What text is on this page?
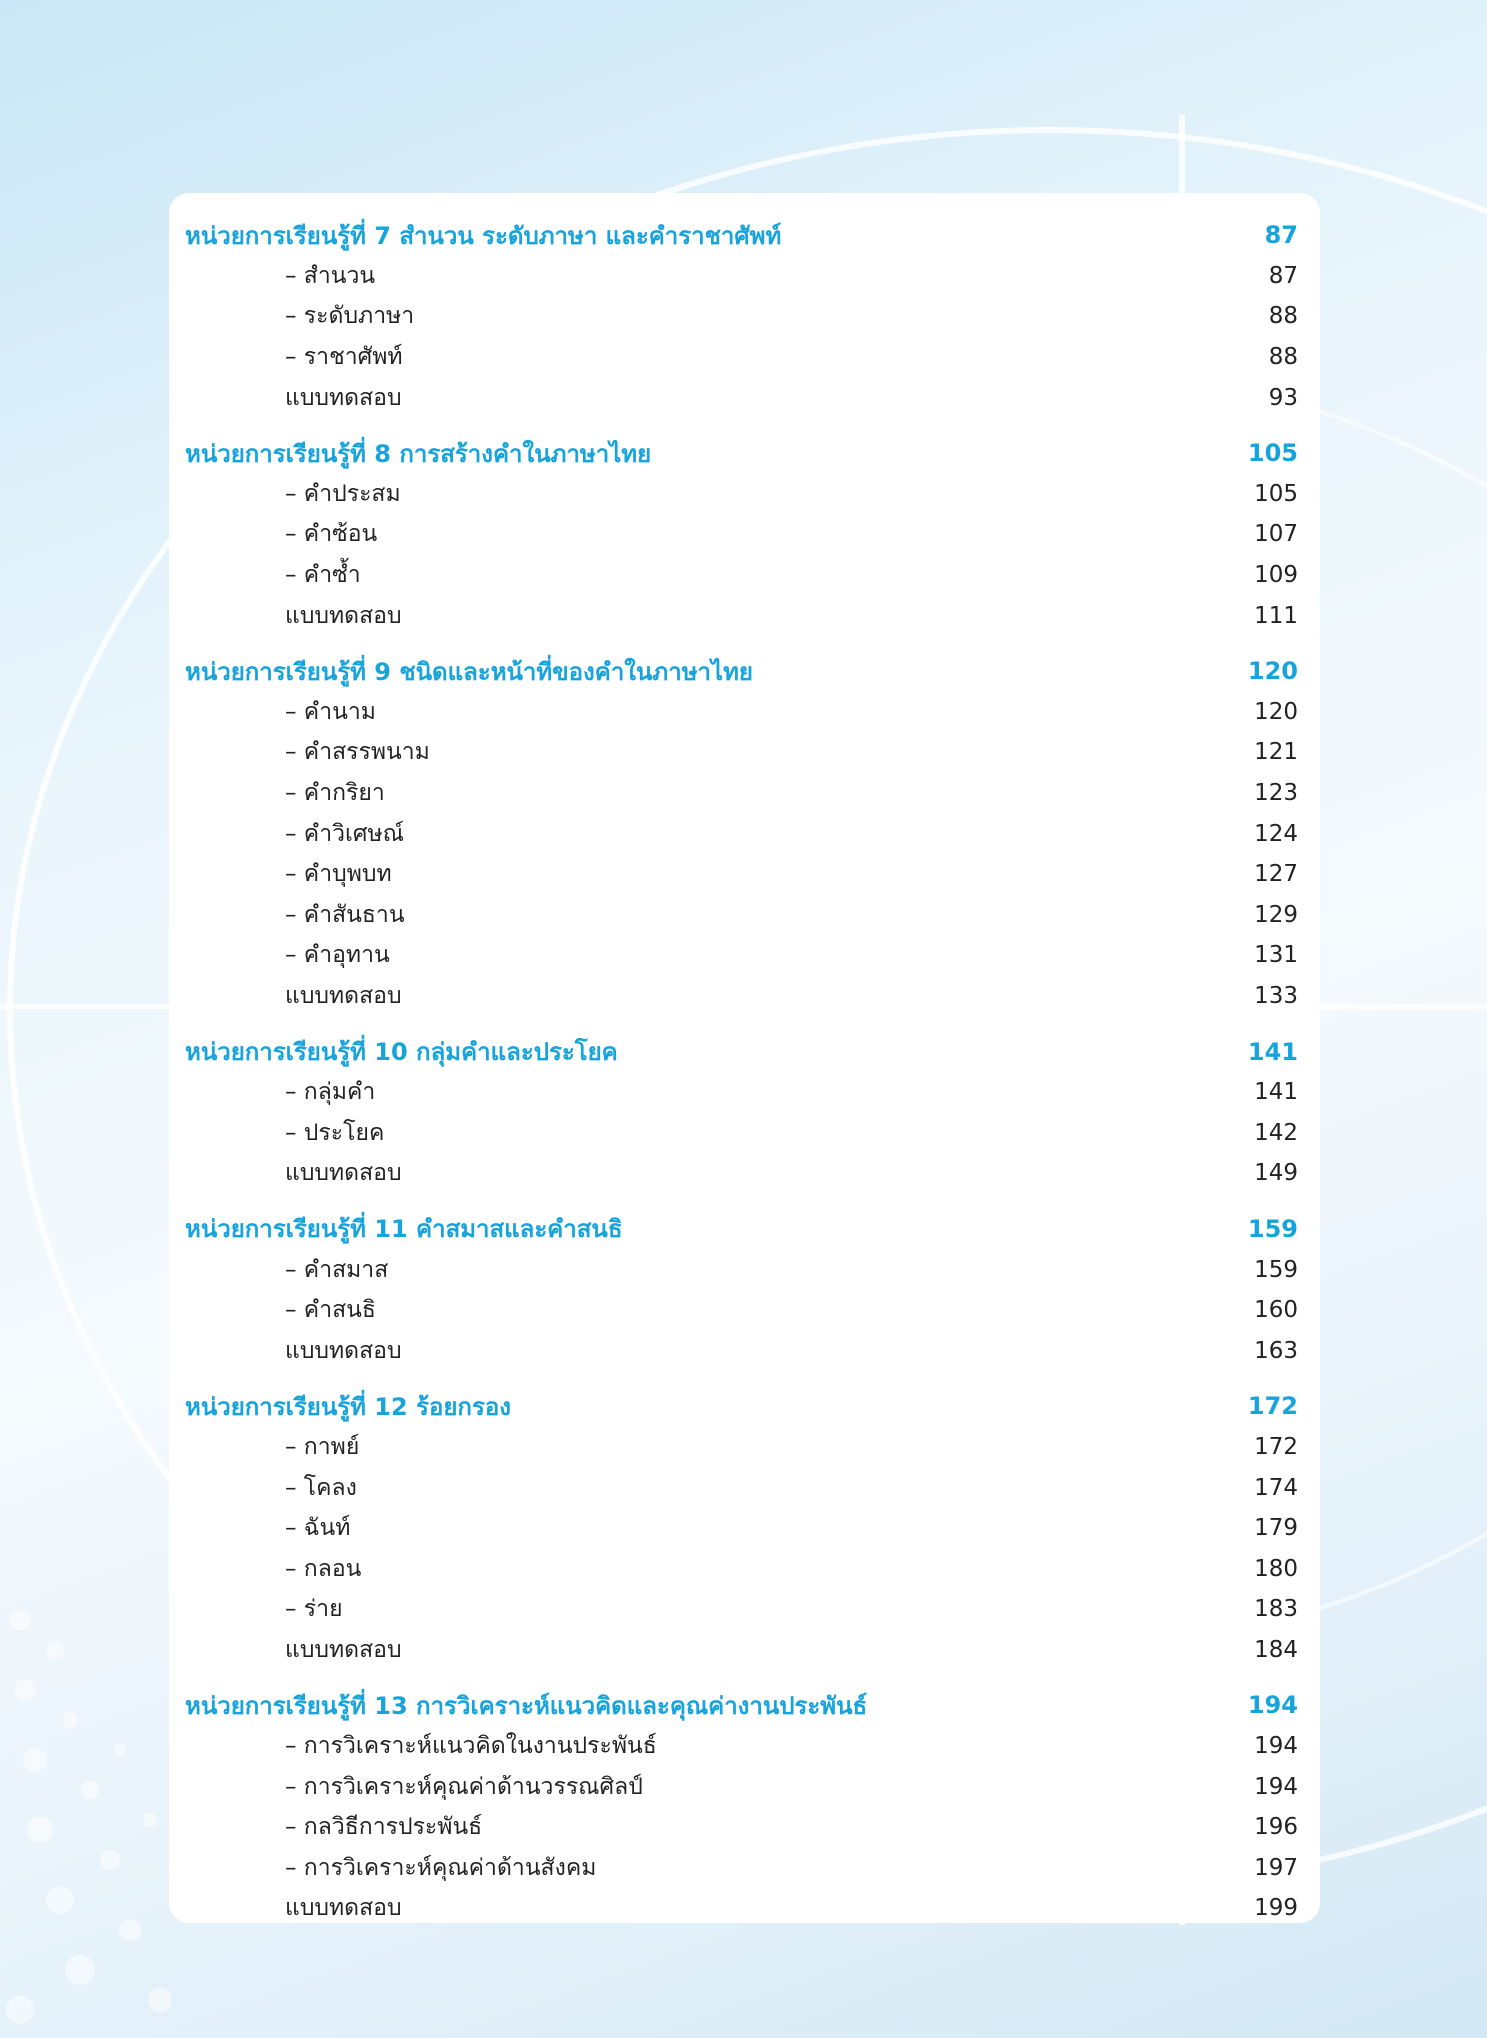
หน่วยการเรียนรู้ที่ 7 สำนวน ระดับภาษา และคำราชาศัพท์	87
– สำนวน	87
– ระดับภาษา	88
– ราชาศัพท์	88
แบบทดสอบ	93
หน่วยการเรียนรู้ที่ 8 การสร้างคำในภาษาไทย	105
– คำประสม	105
– คำซ้อน	107
– คำซ้ำ	109
แบบทดสอบ	111
หน่วยการเรียนรู้ที่ 9 ชนิดและหน้าที่ของคำในภาษาไทย	120
– คำนาม	120
– คำสรรพนาม	121
– คำกริยา	123
– คำวิเศษณ์	124
– คำบุพบท	127
– คำสันธาน	129
– คำอุทาน	131
แบบทดสอบ	133
หน่วยการเรียนรู้ที่ 10 กลุ่มคำและประโยค	141
– กลุ่มคำ	141
– ประโยค	142
แบบทดสอบ	149
หน่วยการเรียนรู้ที่ 11 คำสมาสและคำสนธิ	159
– คำสมาส	159
– คำสนธิ	160
แบบทดสอบ	163
หน่วยการเรียนรู้ที่ 12 ร้อยกรอง	172
– กาพย์	172
– โคลง	174
– ฉันท์	179
– กลอน	180
– ร่าย	183
แบบทดสอบ	184
หน่วยการเรียนรู้ที่ 13 การวิเคราะห์แนวคิดและคุณค่างานประพันธ์	194
– การวิเคราะห์แนวคิดในงานประพันธ์	194
– การวิเคราะห์คุณค่าด้านวรรณศิลป์	194
– กลวิธีการประพันธ์	196
– การวิเคราะห์คุณค่าด้านสังคม	197
แบบทดสอบ	199
